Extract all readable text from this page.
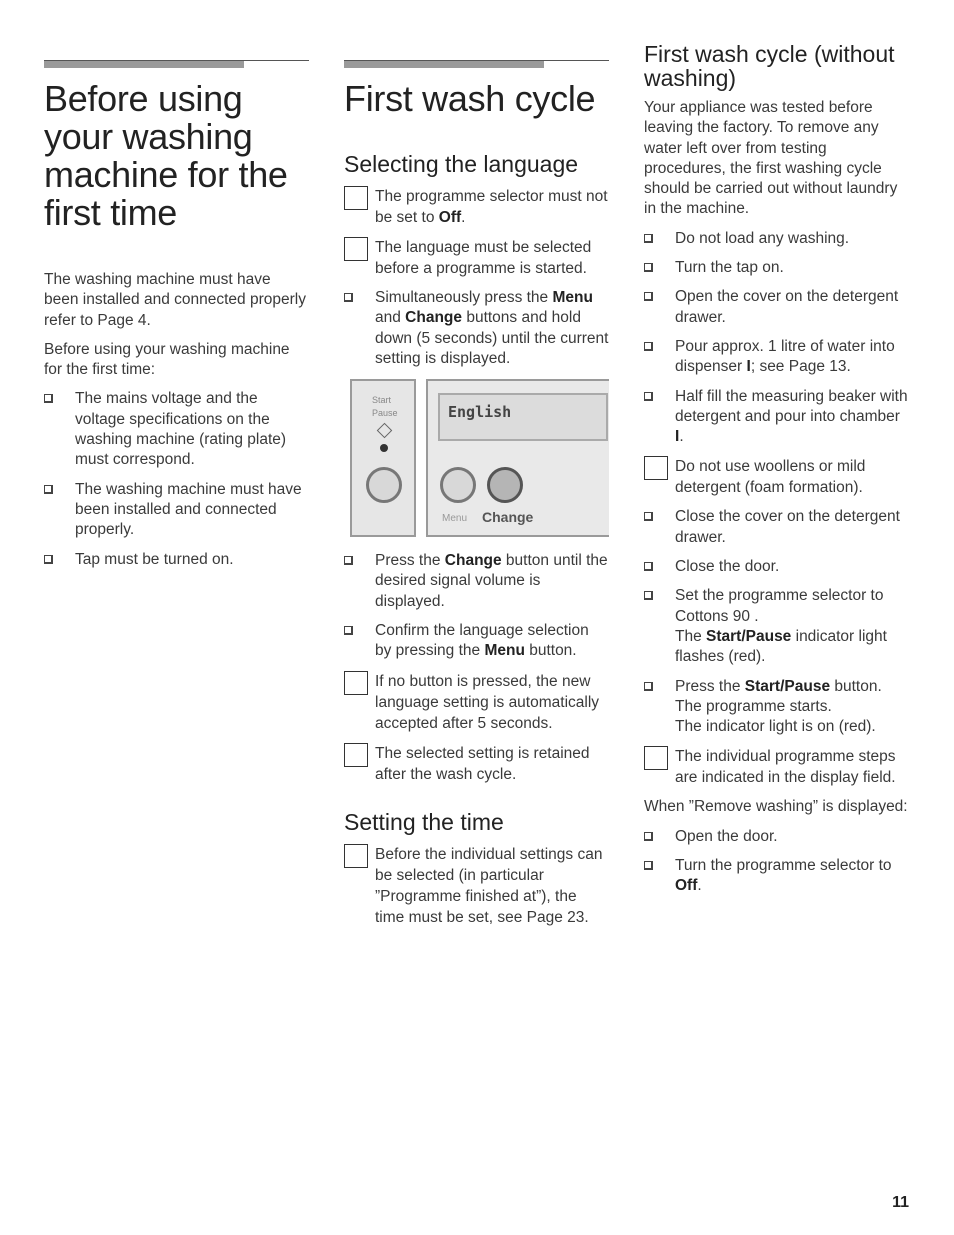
Before using your washing machine for the first time

The washing machine must have been installed and connected properly refer to Page 4.

Before using your washing machine for the first time:

The mains voltage and the voltage specifications on the washing machine (rating plate) must correspond.
The washing machine must have been installed and connected properly.
Tap must be turned on.
First wash cycle
Selecting the language
The programme selector must not be set to Off.
The language must be selected before a programme is started.
Simultaneously press the Menu and Change buttons and hold down (5 seconds) until the current setting is displayed.
Start
Pause	English
Menu Change
Press the Change button until the desired signal volume is displayed.
Confirm the language selection by pressing the Menu button.
If no button is pressed, the new language setting is automatically accepted after 5 seconds.
The selected setting is retained after the wash cycle.
Setting the time
Before the individual settings can be selected (in particular ”Programme finished at”), the time must be set, see Page 23.
First wash cycle (without washing)

Your appliance was tested before leaving the factory. To remove any water left over from testing procedures, the first washing cycle should be carried out without laundry in the machine.

Do not load any washing.
Turn the tap on.
Open the cover on the detergent drawer.
Pour approx. 1 litre of water into dispenser I; see Page 13.
Half fill the measuring beaker with detergent and pour into chamber I.
Do not use woollens or mild detergent (foam formation).
Close the cover on the detergent drawer.
Close the door.
Set the programme selector to Cottons 90 .
The Start/Pause indicator light flashes (red).
Press the Start/Pause button.
The programme starts.
The indicator light is on (red).
The individual programme steps are indicated in the display field.

When ”Remove washing” is displayed:

Open the door.
Turn the programme selector to Off.
11
